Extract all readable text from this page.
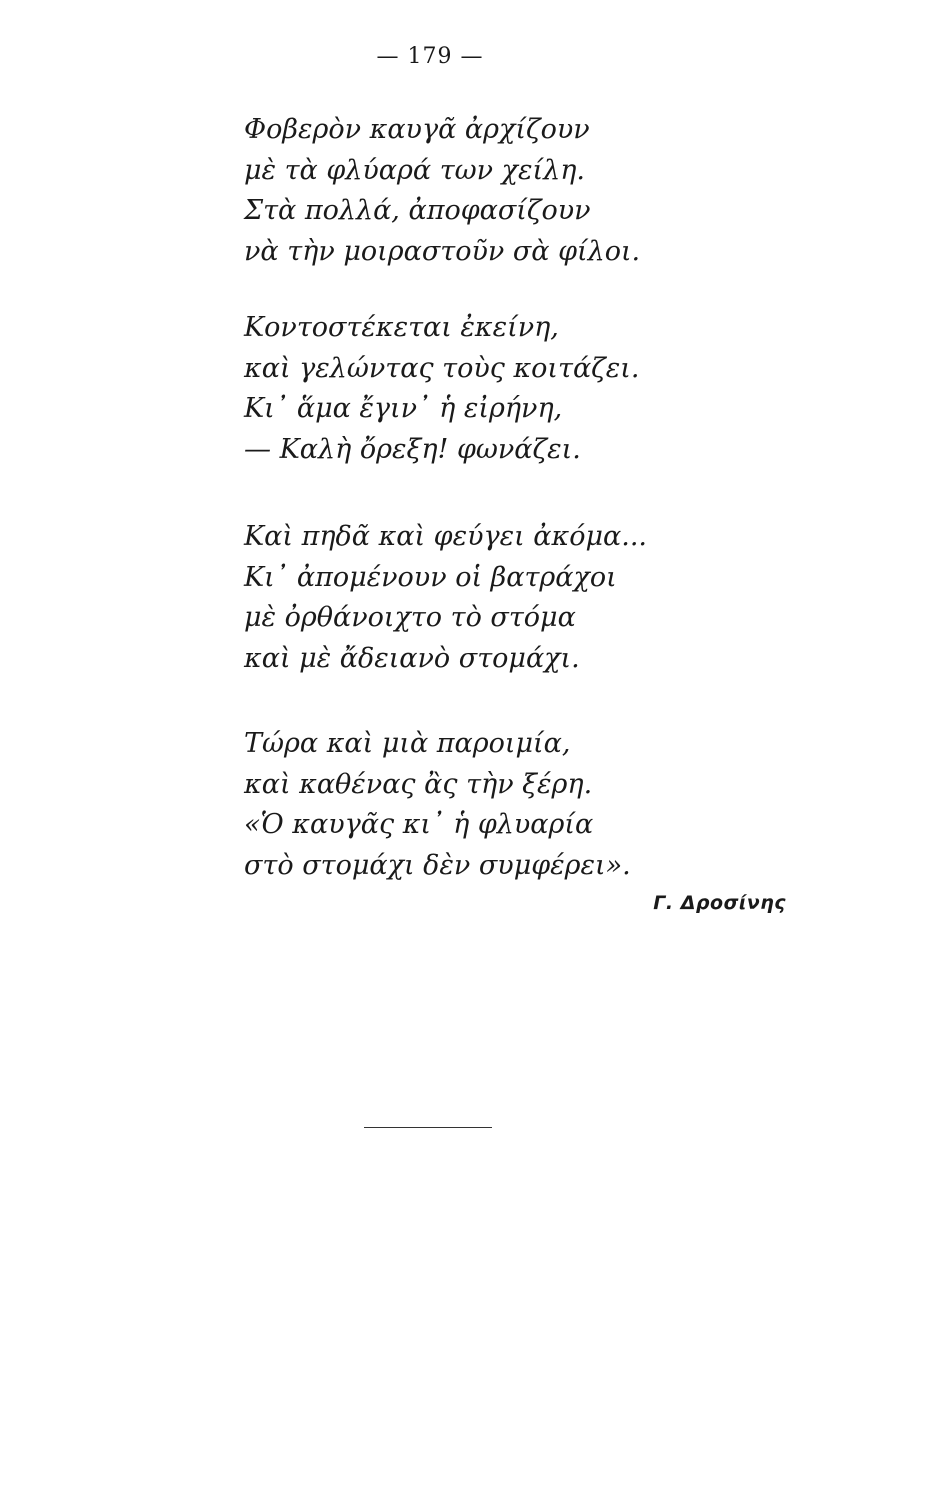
— 179 —
Φοβερὸν καυγᾶ ἀρχίζουν
μὲ τὰ φλύαρά των χείλη.
Στὰ πολλά, ἀποφασίζουν
νὰ τὴν μοιραστοῦν σὰ φίλοι.
Κοντοστέκεται ἐκείνη,
καὶ γελώντας τοὺς κοιτάζει.
Κι᾿ ἅμα ἔγιν᾿ ἡ εἰρήνη,
— Καλὴ ὄρεξη! φωνάζει.
Καὶ πηδᾶ καὶ φεύγει ἀκόμα...
Κι᾿ ἀπομένουν οἱ βατράχοι
μὲ ὀρθάνοιχτο τὸ στόμα
καὶ μὲ ἄδειανὸ στομάχι.
Τώρα καὶ μιὰ παροιμία,
καὶ καθένας ἂς τὴν ξέρη.
«Ὁ καυγᾶς κι᾿ ἡ φλυαρία
στὸ στομάχι δὲν συμφέρει».
Γ. Δροσίνης
